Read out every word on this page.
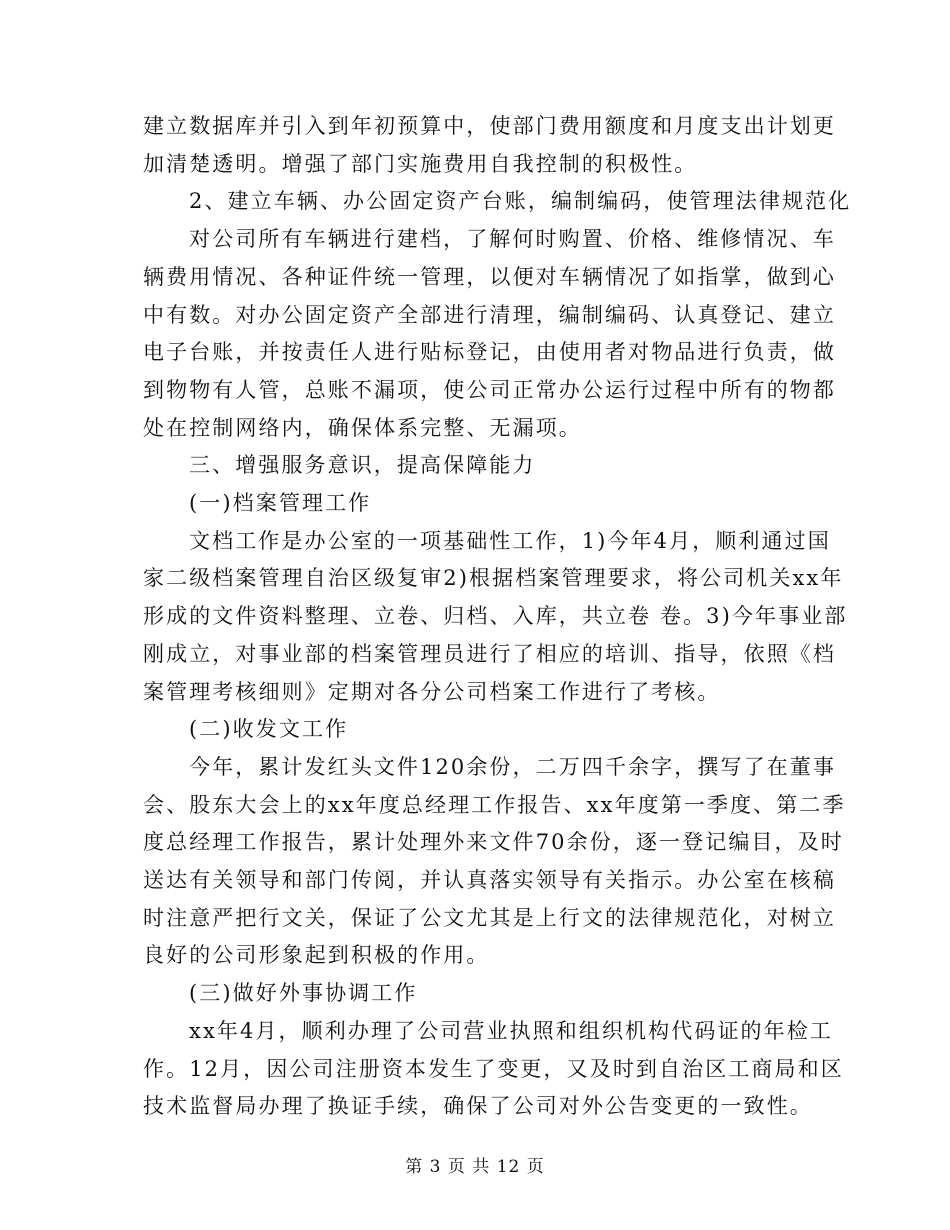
建立数据库并引入到年初预算中，使部门费用额度和月度支出计划更
加清楚透明。增强了部门实施费用自我控制的积极性。
2、建立车辆、办公固定资产台账，编制编码，使管理法律规范化
对公司所有车辆进行建档，了解何时购置、价格、维修情况、车
辆费用情况、各种证件统一管理，以便对车辆情况了如指掌，做到心
中有数。对办公固定资产全部进行清理，编制编码、认真登记、建立
电子台账，并按责任人进行贴标登记，由使用者对物品进行负责，做
到物物有人管，总账不漏项，使公司正常办公运行过程中所有的物都
处在控制网络内，确保体系完整、无漏项。
三、增强服务意识，提高保障能力
(一)档案管理工作
文档工作是办公室的一项基础性工作，1)今年4月，顺利通过国
家二级档案管理自治区级复审2)根据档案管理要求，将公司机关xx年
形成的文件资料整理、立卷、归档、入库，共立卷 卷。3)今年事业部
刚成立，对事业部的档案管理员进行了相应的培训、指导，依照《档
案管理考核细则》定期对各分公司档案工作进行了考核。
(二)收发文工作
今年，累计发红头文件120余份，二万四千余字，撰写了在董事
会、股东大会上的xx年度总经理工作报告、xx年度第一季度、第二季
度总经理工作报告，累计处理外来文件70余份，逐一登记编目，及时
送达有关领导和部门传阅，并认真落实领导有关指示。办公室在核稿
时注意严把行文关，保证了公文尤其是上行文的法律规范化，对树立
良好的公司形象起到积极的作用。
(三)做好外事协调工作
xx年4月，顺利办理了公司营业执照和组织机构代码证的年检工
作。12月，因公司注册资本发生了变更，又及时到自治区工商局和区
技术监督局办理了换证手续，确保了公司对外公告变更的一致性。
第 3 页 共 12 页
